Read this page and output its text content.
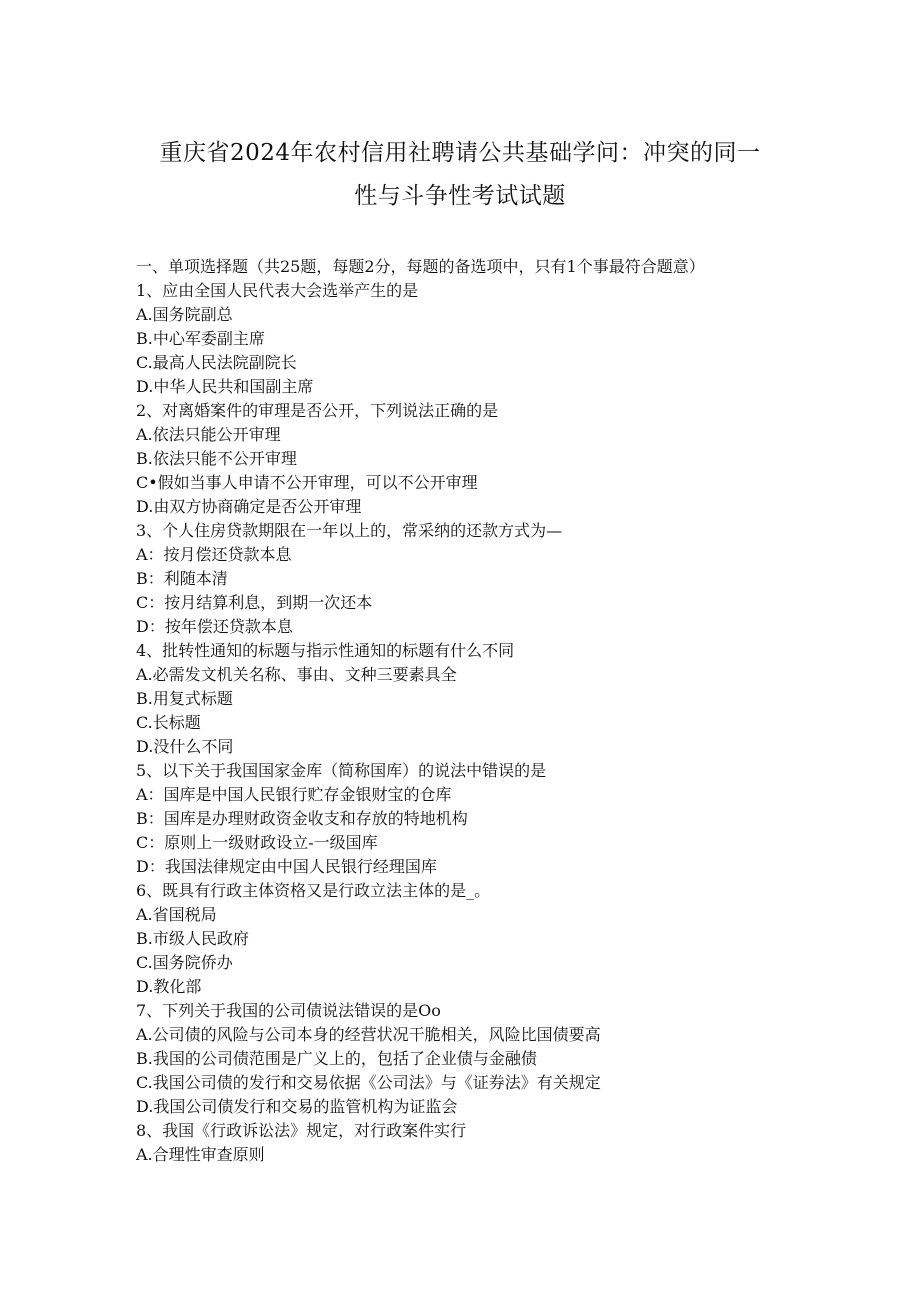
重庆省2024年农村信用社聘请公共基础学问：冲突的同一
性与斗争性考试试题
一、单项选择题（共25题，每题2分，每题的备选项中，只有1个事最符合题意）
1、应由全国人民代表大会选举产生的是
A.国务院副总
B.中心军委副主席
C.最高人民法院副院长
D.中华人民共和国副主席
2、对离婚案件的审理是否公开，下列说法正确的是
A.依法只能公开审理
B.依法只能不公开审理
C•假如当事人申请不公开审理，可以不公开审理
D.由双方协商确定是否公开审理
3、个人住房贷款期限在一年以上的，常采纳的还款方式为—
A：按月偿还贷款本息
B：利随本清
C：按月结算利息，到期一次还本
D：按年偿还贷款本息
4、批转性通知的标题与指示性通知的标题有什么不同
A.必需发文机关名称、事由、文种三要素具全
B.用复式标题
C.长标题
D.没什么不同
5、以下关于我国国家金库（简称国库）的说法中错误的是
A：国库是中国人民银行贮存金银财宝的仓库
B：国库是办理财政资金收支和存放的特地机构
C：原则上一级财政设立-一级国库
D：我国法律规定由中国人民银行经理国库
6、既具有行政主体资格又是行政立法主体的是_。
A.省国税局
B.市级人民政府
C.国务院侨办
D.教化部
7、下列关于我国的公司债说法错误的是Oo
A.公司债的风险与公司本身的经营状况干脆相关，风险比国债要高
B.我国的公司债范围是广义上的，包括了企业债与金融债
C.我国公司债的发行和交易依据《公司法》与《证券法》有关规定
D.我国公司债发行和交易的监管机构为证监会
8、我国《行政诉讼法》规定，对行政案件实行
A.合理性审查原则
